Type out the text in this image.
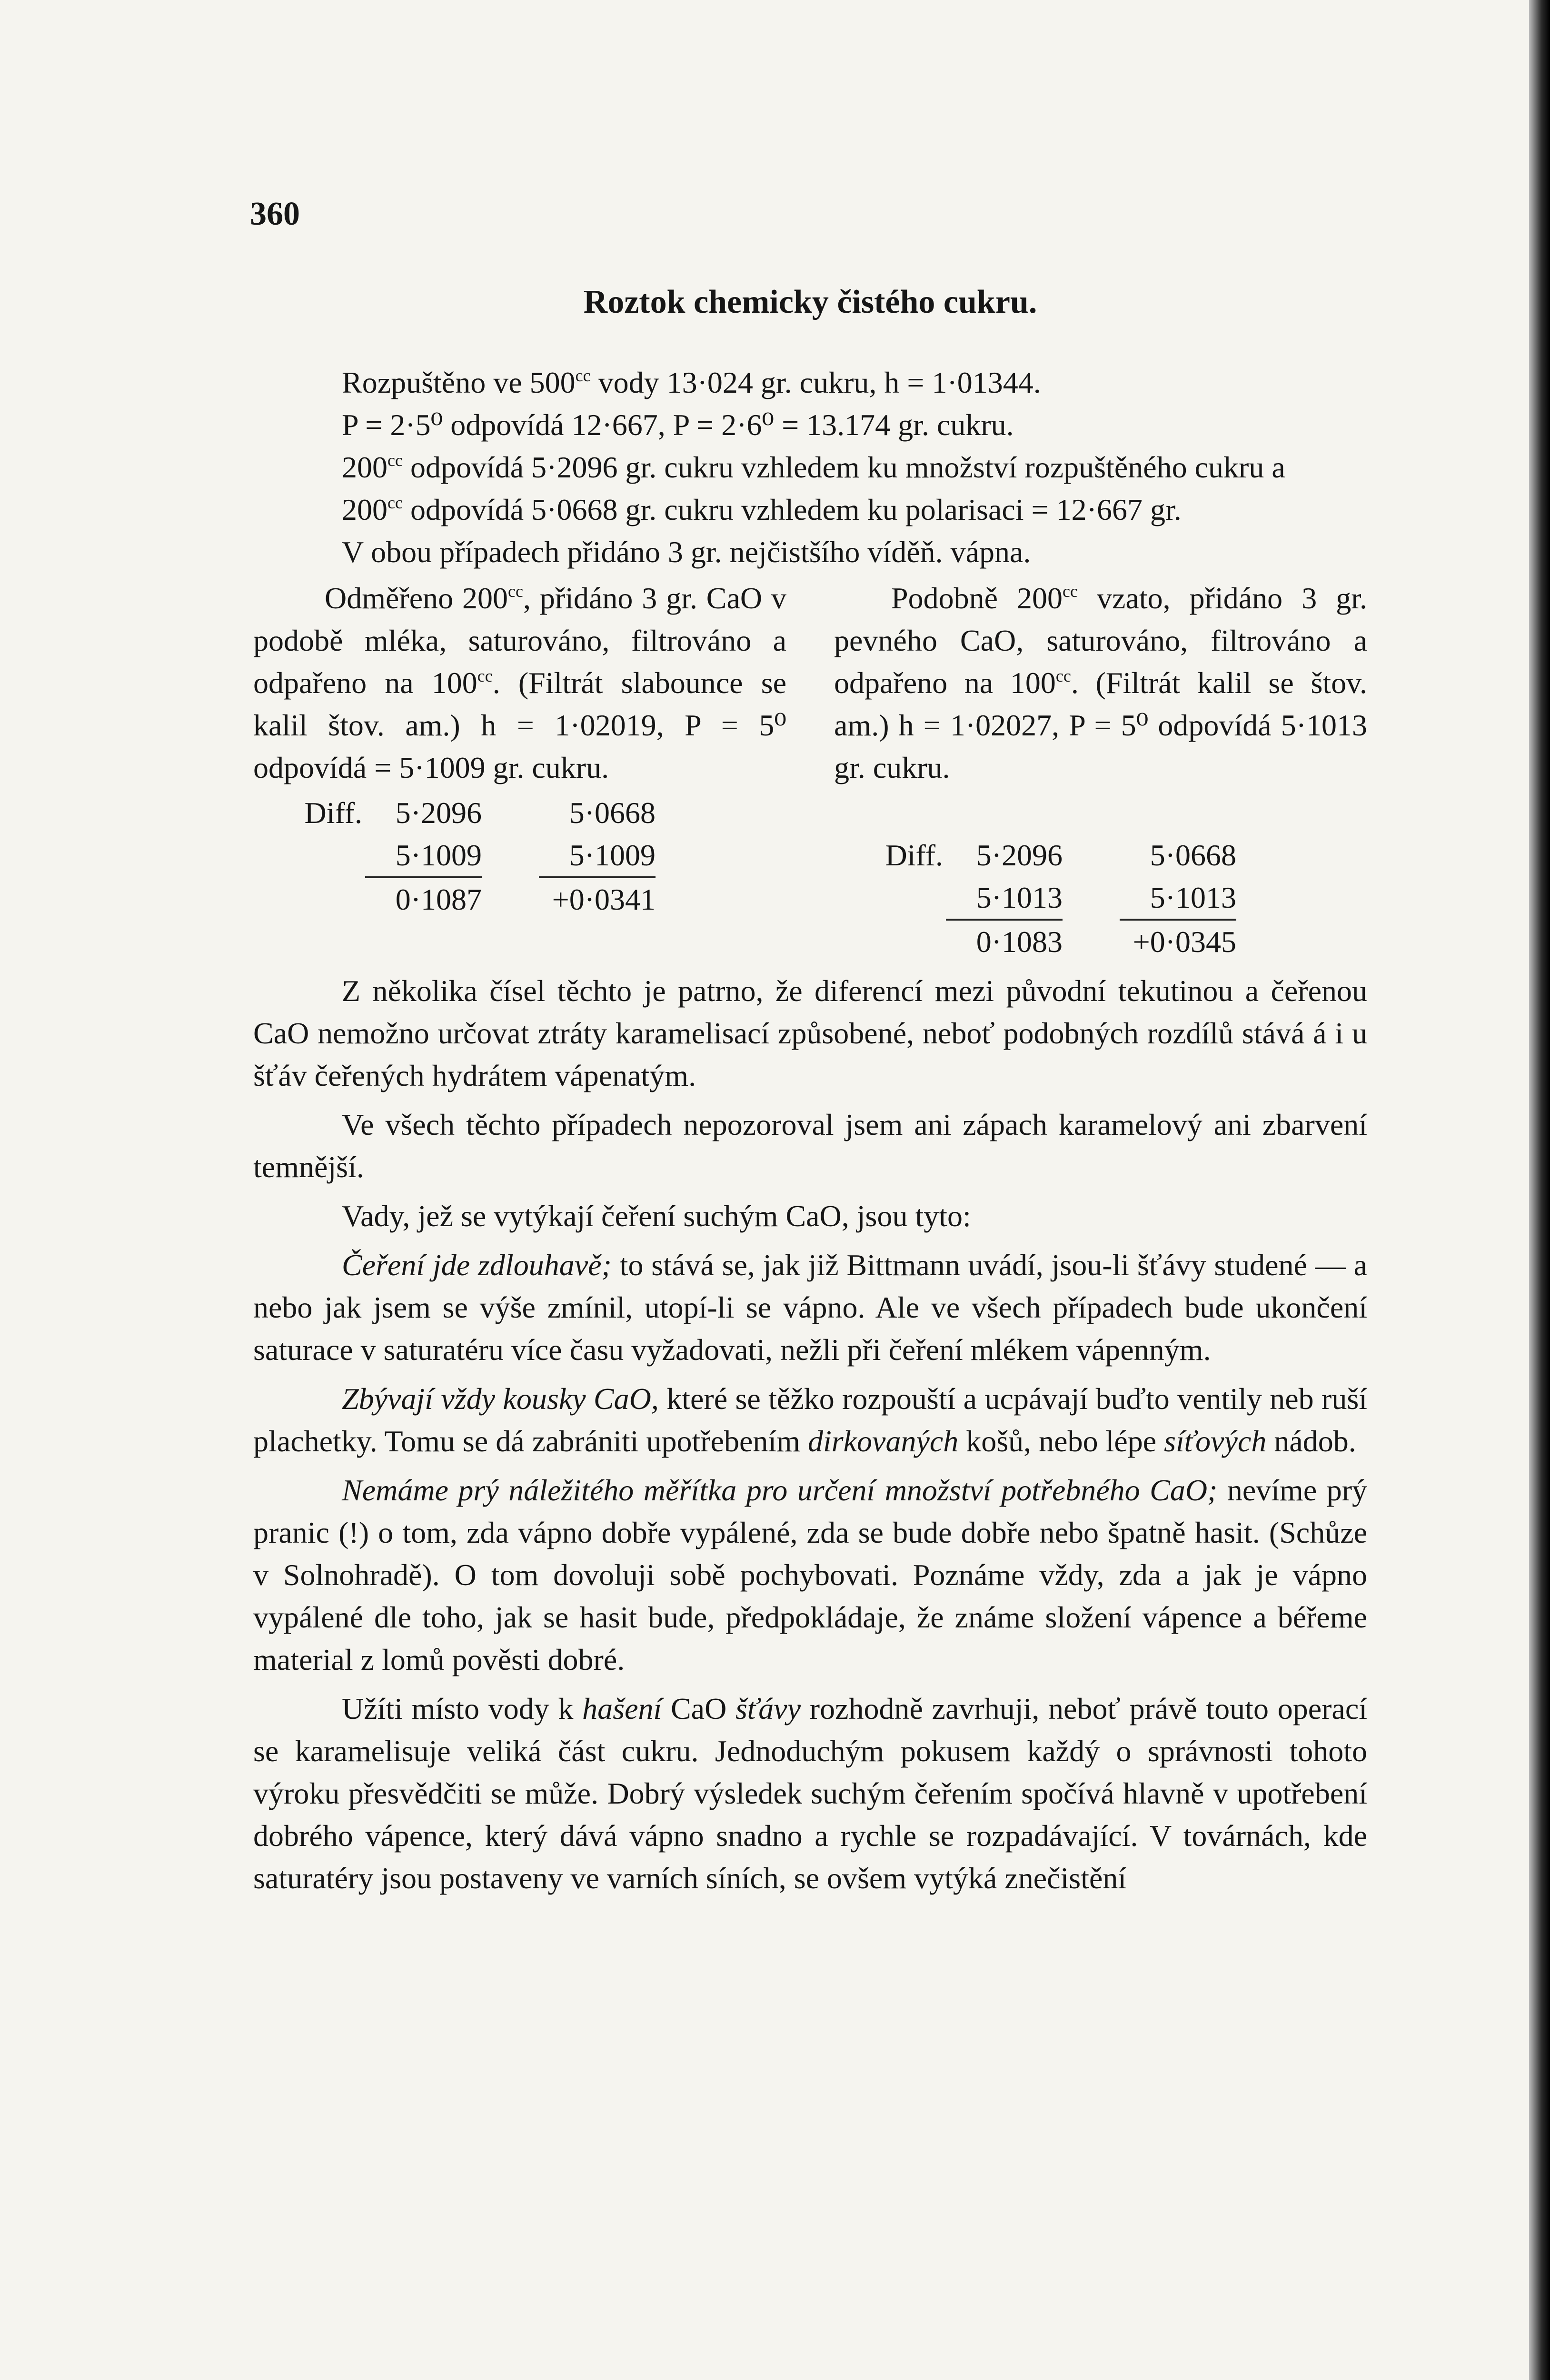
360
Roztok chemicky čistého cukru.

Rozpuštěno ve $500^{cc}$ vody 13·024 gr. cukru, h = 1·01344.

P = 2·5⁰ odpovídá 12·667, P = 2·6⁰ = 13.174 gr. cukru.

$200^{cc}$ odpovídá 5·2096 gr. cukru vzhledem ku množství rozpuštěného cukru a

$200^{cc}$ odpovídá 5·0668 gr. cukru vzhledem ku polarisaci = 12·667 gr.

V obou případech přidáno 3 gr. nejčistšího víděň. vápna.

Odměřeno $200^{cc}$, přidáno 3 gr. CaO v podobě mléka, saturováno, filtrováno a odpařeno na $100^{cc}$. (Filtrát slabounce se kalil štov. am.) h = 1·02019, P = 5⁰ odpovídá = 5·1009 gr. cukru.

Diff.	5·2096	5·0668
5·1009	5·1009
0·1087	+0·0341

Podobně $200^{cc}$ vzato, přidáno 3 gr. pevného CaO, saturováno, filtrováno a odpařeno na $100^{cc}$. (Filtrát kalil se štov. am.) h = 1·02027, P = 5⁰ odpovídá 5·1013 gr. cukru.

Diff.	5·2096	5·0668
5·1013	5·1013
0·1083	+0·0345

Z několika čísel těchto je patrno, že diferencí mezi původní tekutinou a čeřenou CaO nemožno určovat ztráty karamelisací způsobené, neboť podobných rozdílů stává á i u šťáv čeřených hydrátem vápenatým.

Ve všech těchto případech nepozoroval jsem ani zápach karamelový ani zbarvení temnější.

Vady, jež se vytýkají čeření suchým CaO, jsou tyto:

Čeření jde zdlouhavě; to stává se, jak již Bittmann uvádí, jsou-li šťávy studené — a nebo jak jsem se výše zmínil, utopí-li se vápno. Ale ve všech případech bude ukončení saturace v saturatéru více času vyžadovati, nežli při čeření mlékem vápenným.

Zbývají vždy kousky CaO, které se těžko rozpouští a ucpávají buďto ventily neb ruší plachetky. Tomu se dá zabrániti upotřebením dirkovaných košů, nebo lépe síťových nádob.

Nemáme prý náležitého měřítka pro určení množství potřebného CaO; nevíme prý pranic (!) o tom, zda vápno dobře vypálené, zda se bude dobře nebo špatně hasit. (Schůze v Solnohradě). O tom dovoluji sobě pochybovati. Poznáme vždy, zda a jak je vápno vypálené dle toho, jak se hasit bude, předpokládaje, že známe složení vápence a béřeme material z lomů pověsti dobré.

Užíti místo vody k hašení CaO šťávy rozhodně zavrhuji, neboť právě touto operací se karamelisuje veliká část cukru. Jednoduchým pokusem každý o správnosti tohoto výroku přesvědčiti se může. Dobrý výsledek suchým čeřením spočívá hlavně v upotřebení dobrého vápence, který dává vápno snadno a rychle se rozpadávající. V továrnách, kde saturatéry jsou postaveny ve varních síních, se ovšem vytýká znečistění
